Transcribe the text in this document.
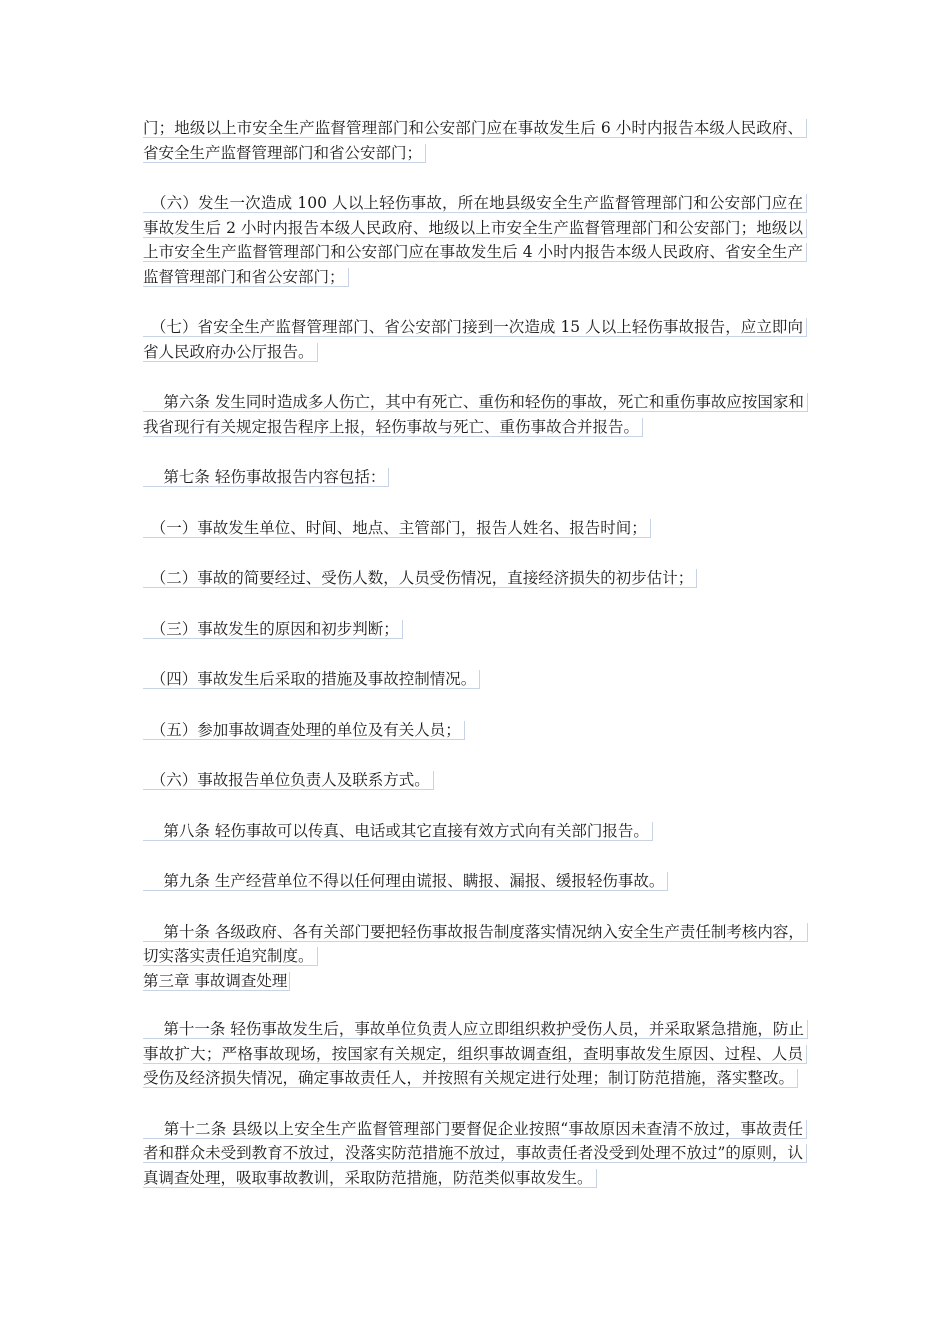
门；地级以上市安全生产监督管理部门和公安部门应在事故发生后 6 小时内报告本级人民政府、省安全生产监督管理部门和省公安部门；

　（六）发生一次造成 100 人以上轻伤事故，所在地县级安全生产监督管理部门和公安部门应在事故发生后 2 小时内报告本级人民政府、地级以上市安全生产监督管理部门和公安部门；地级以上市安全生产监督管理部门和公安部门应在事故发生后 4 小时内报告本级人民政府、省安全生产监督管理部门和省公安部门；

　（七）省安全生产监督管理部门、省公安部门接到一次造成 15 人以上轻伤事故报告，应立即向省人民政府办公厅报告。

　 第六条 发生同时造成多人伤亡，其中有死亡、重伤和轻伤的事故，死亡和重伤事故应按国家和我省现行有关规定报告程序上报，轻伤事故与死亡、重伤事故合并报告。

　 第七条 轻伤事故报告内容包括：

　（一）事故发生单位、时间、地点、主管部门，报告人姓名、报告时间；

　（二）事故的简要经过、受伤人数，人员受伤情况，直接经济损失的初步估计；

　（三）事故发生的原因和初步判断；

　（四）事故发生后采取的措施及事故控制情况。

　（五）参加事故调查处理的单位及有关人员；

　（六）事故报告单位负责人及联系方式。

　 第八条 轻伤事故可以传真、电话或其它直接有效方式向有关部门报告。

　 第九条 生产经营单位不得以任何理由谎报、瞒报、漏报、缓报轻伤事故。

　 第十条 各级政府、各有关部门要把轻伤事故报告制度落实情况纳入安全生产责任制考核内容，切实落实责任追究制度。

第三章 事故调查处理

　 第十一条 轻伤事故发生后，事故单位负责人应立即组织救护受伤人员，并采取紧急措施，防止事故扩大；严格事故现场，按国家有关规定，组织事故调查组，查明事故发生原因、过程、人员受伤及经济损失情况，确定事故责任人，并按照有关规定进行处理；制订防范措施，落实整改。

　 第十二条 县级以上安全生产监督管理部门要督促企业按照“事故原因未查清不放过，事故责任者和群众未受到教育不放过，没落实防范措施不放过，事故责任者没受到处理不放过”的原则，认真调查处理，吸取事故教训，采取防范措施，防范类似事故发生。
